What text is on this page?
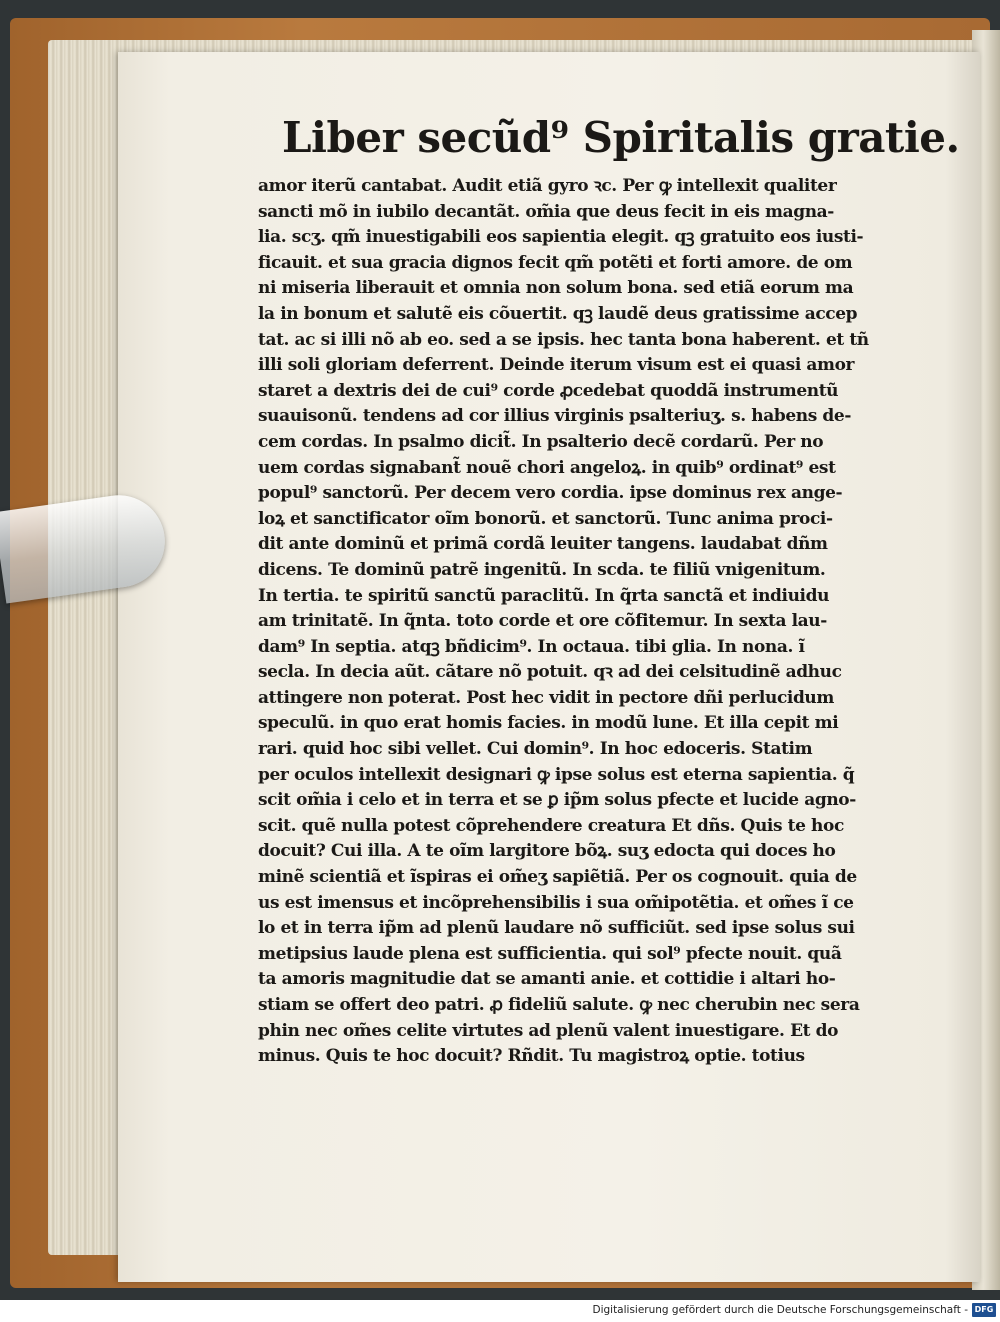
Liber secũd⁹ Spiritalis gratie.
amor iterũ cantabat. Audit etiã gyro ꝛc. Per ꝙ intellexit qualiter
sancti mõ in iubilo decantãt. om̃ia que deus fecit in eis magna-
lia. scʒ. qm̃ inuestigabili eos sapientia elegit. qꝫ gratuito eos iusti-
ficauit. et sua gracia dignos fecit qm̃ potẽti et forti amore. de om
ni miseria liberauit et omnia non solum bona. sed etiã eorum ma
la in bonum et salutẽ eis cõuertit. qꝫ laudẽ deus gratissime accep
tat. ac si illi nõ ab eo. sed a se ipsis. hec tanta bona haberent. et tñ
illi soli gloriam deferrent. Deinde iterum visum est ei quasi amor
staret a dextris dei de cui⁹ corde ꝓcedebat quoddã instrumentũ
suauisonũ. tendens ad cor illius virginis psalteriuʒ. s. habens de-
cem cordas. In psalmo dicit̃. In psalterio decẽ cordarũ. Per no
uem cordas signabant̃ nouẽ chori angeloꝝ. in quib⁹ ordinat⁹ est
popul⁹ sanctorũ. Per decem vero cordia. ipse dominus rex ange-
loꝝ et sanctificator oĩm bonorũ. et sanctorũ. Tunc anima proci-
dit ante dominũ et primã cordã leuiter tangens. laudabat dñm
dicens. Te dominũ patrẽ ingenitũ. In scda. te filiũ vnigenitum.
In tertia. te spiritũ sanctũ paraclitũ. In q̃rta sanctã et indiuidu
am trinitatẽ. In q̃nta. toto corde et ore cõfitemur. In sexta lau-
dam⁹ In septia. atqꝫ bñdicim⁹. In octaua. tibi glia. In nona. ĩ
secla. In decia aũt. cãtare nõ potuit. qꝛ ad dei celsitudinẽ adhuc
attingere non poterat. Post hec vidit in pectore dñi perlucidum
speculũ. in quo erat homis facies. in modũ lune. Et illa cepit mi
rari. quid hoc sibi vellet. Cui domin⁹. In hoc edoceris. Statim
per oculos intellexit designari ꝙ ipse solus est eterna sapientia. q̃
scit om̃ia i celo et in terra et se ꝑ ip̃m solus pfecte et lucide agno-
scit. quẽ nulla potest cõprehendere creatura Et dñs. Quis te hoc
docuit? Cui illa. A te oĩm largitore bõꝝ. suʒ edocta qui doces ho
minẽ scientiã et ĩspiras ei om̃eʒ sapiẽtiã. Per os cognouit. quia de
us est imensus et incõprehensibilis i sua om̃ipotẽtia. et om̃es ĩ ce
lo et in terra ip̃m ad plenũ laudare nõ sufficiũt. sed ipse solus sui
metipsius laude plena est sufficientia. qui sol⁹ pfecte nouit. quã
ta amoris magnitudie dat se amanti anie. et cottidie i altari ho-
stiam se offert deo patri. ꝓ fideliũ salute. ꝙ nec cherubin nec sera
phin nec om̃es celite virtutes ad plenũ valent inuestigare. Et do
minus. Quis te hoc docuit? Rñdit. Tu magistroꝝ optie. totius
Digitalisierung gefördert durch die Deutsche Forschungsgemeinschaft - DFG
